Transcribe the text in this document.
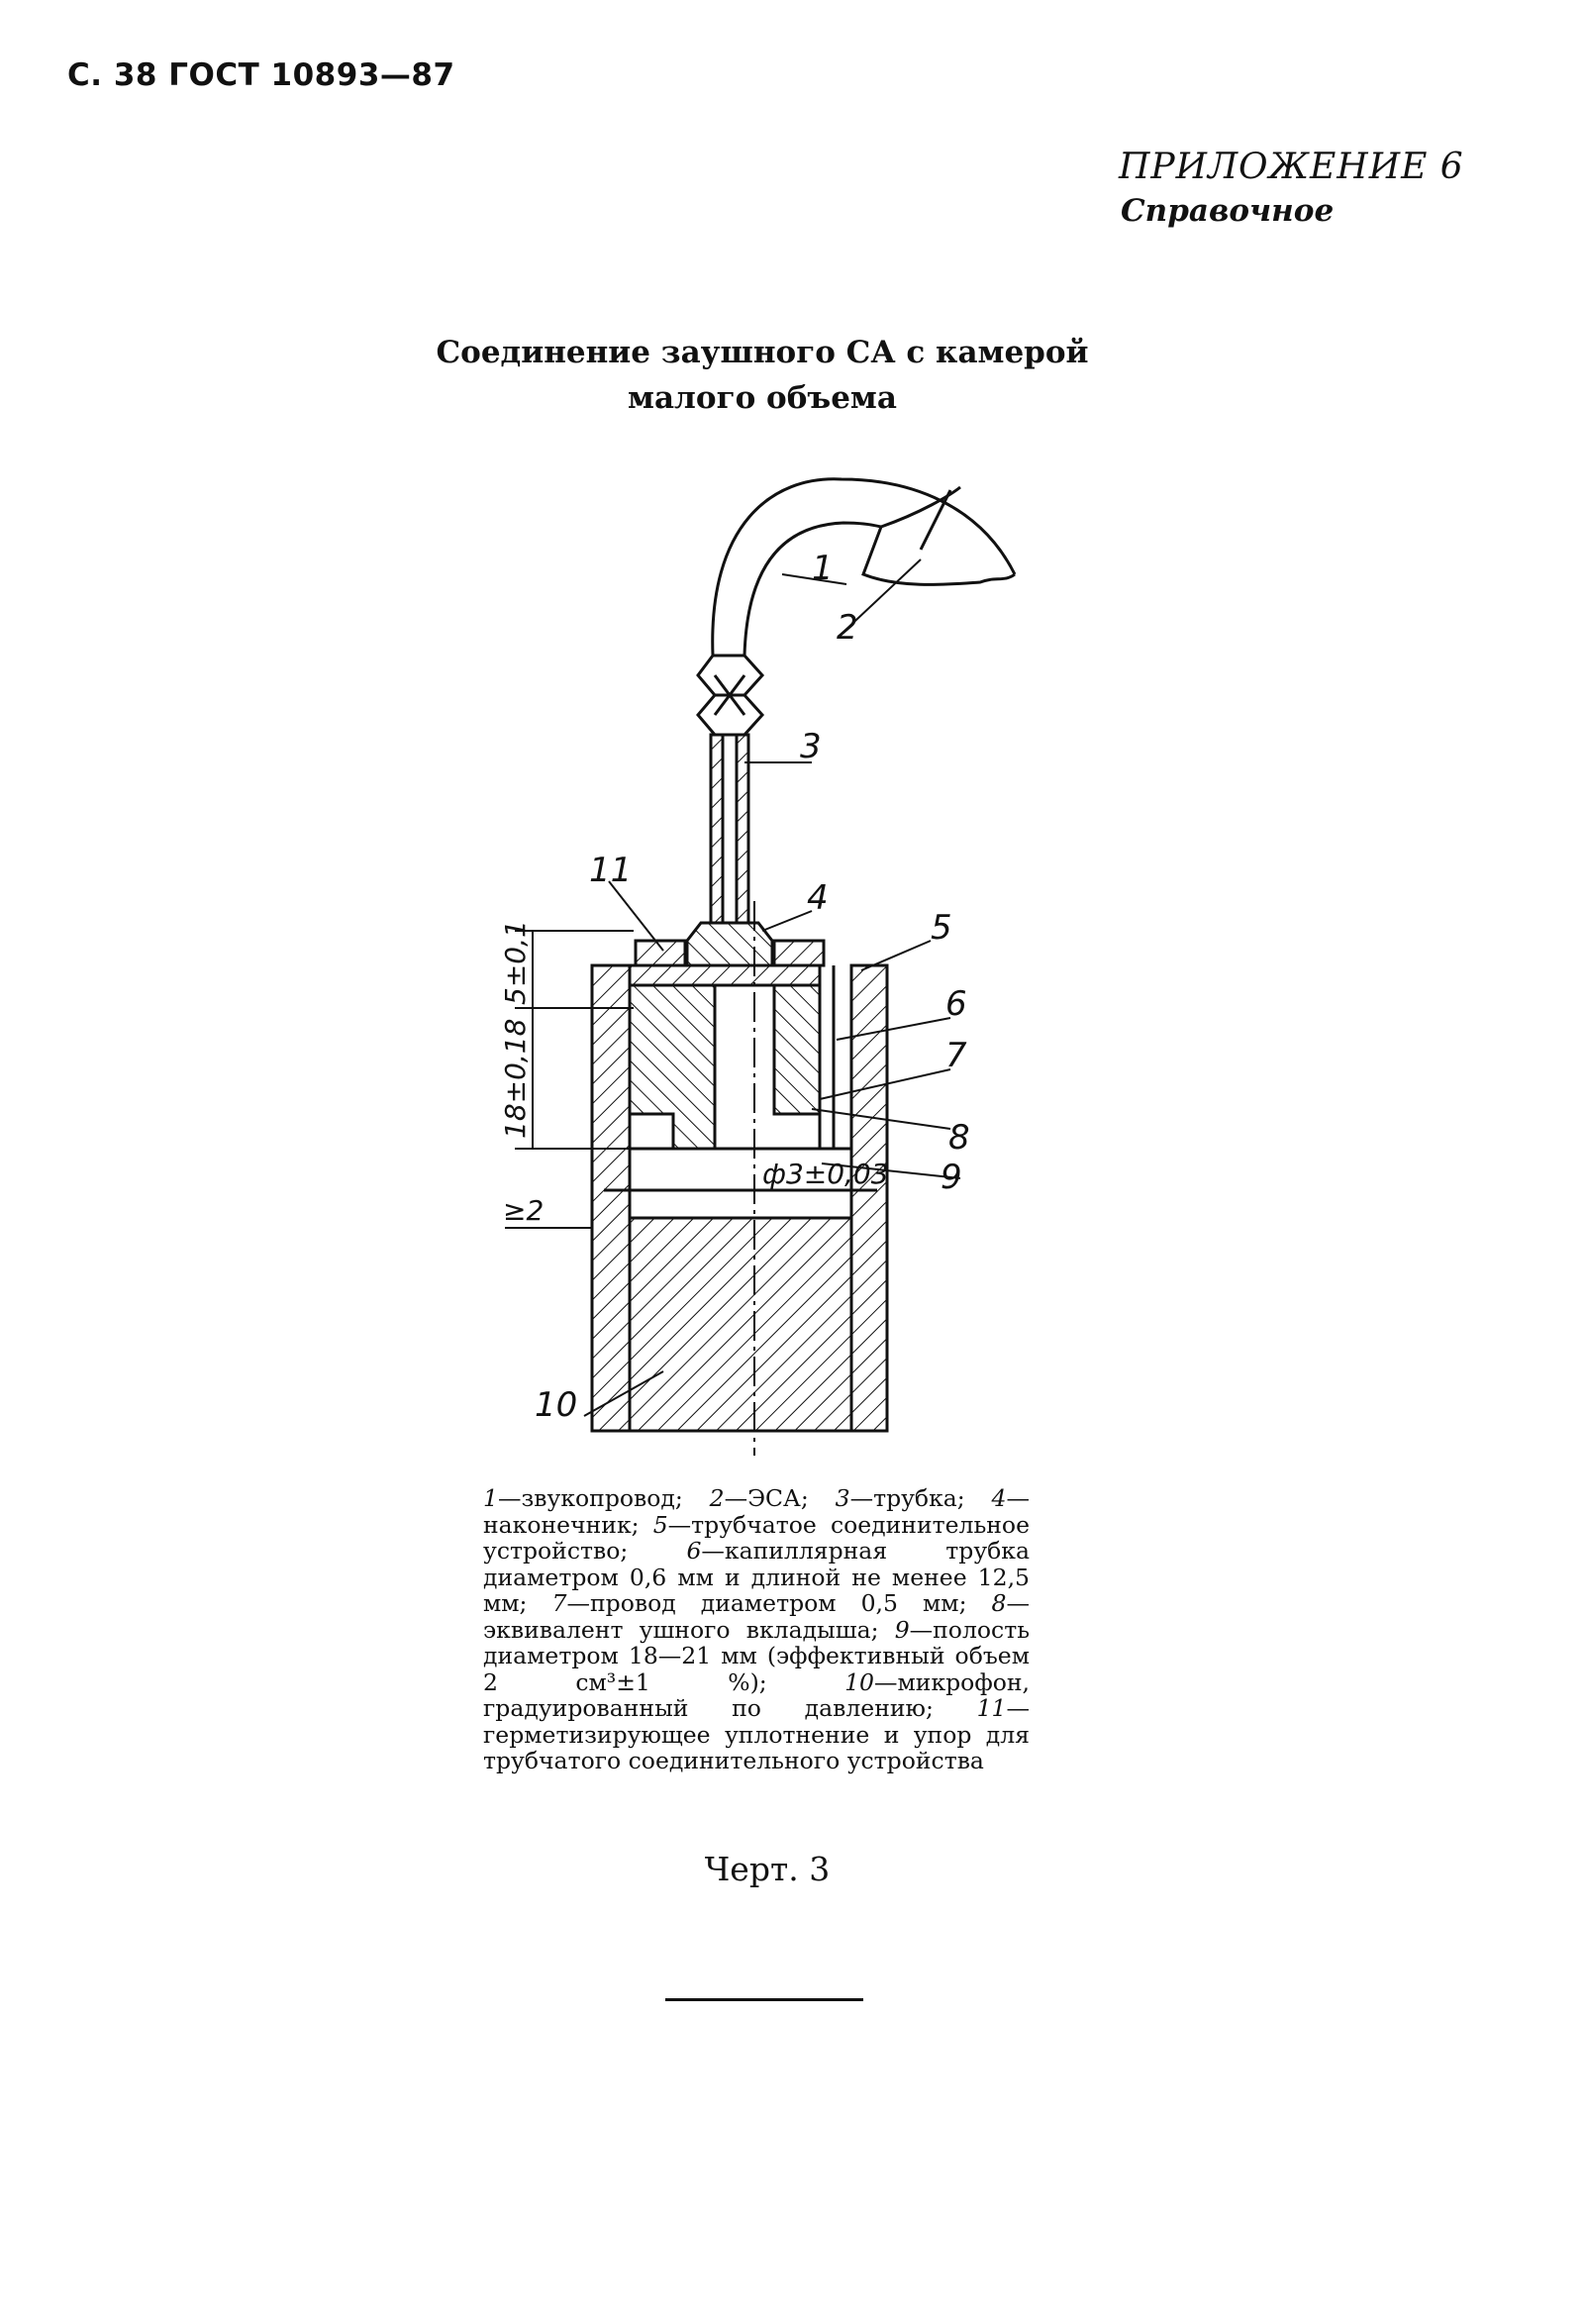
С. 38 ГОСТ 10893—87
ПРИЛОЖЕНИЕ 6
Справочное
Соединение заушного СА с камерой
малого объема
1
2
3
4
5
6
7
8
9
10
11
5±0,1
18±0,18
≥2
ф3±0,03

1—звукопровод; 2—ЭСА; 3—трубка; 4—наконечник; 5—трубчатое соединительное устройство; 6—капиллярная трубка диаметром 0,6 мм и длиной не менее 12,5 мм; 7—провод диаметром 0,5 мм; 8—эквивалент ушного вкладыша; 9—полость диаметром 18—21 мм (эффективный объем 2 см³±1 %); 10—микрофон, градуированный по давлению; 11—герметизирующее уплотнение и упор для трубчатого соединительного устройства

Черт. 3
